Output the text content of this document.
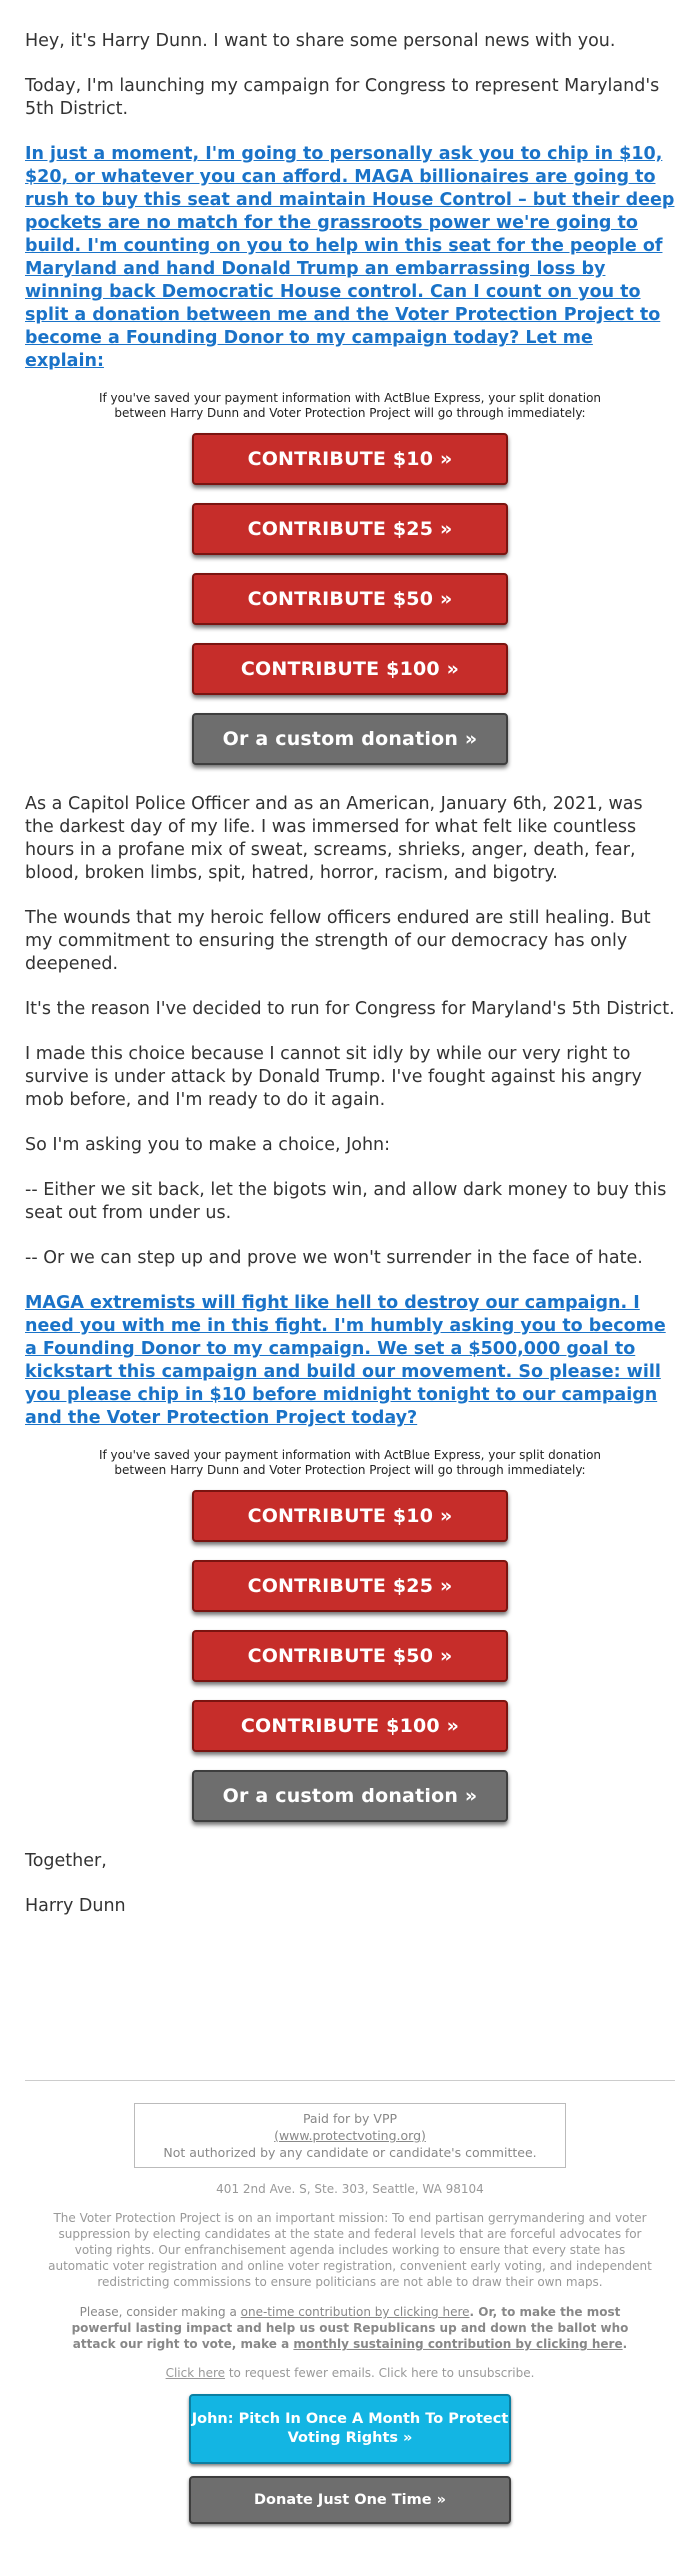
Hey, it's Harry Dunn. I want to share some personal news with you.

Today, I'm launching my campaign for Congress to represent Maryland's 5th District.

In just a moment, I'm going to personally ask you to chip in $10, $20, or whatever you can afford. MAGA billionaires are going to rush to buy this seat and maintain House Control – but their deep pockets are no match for the grassroots power we're going to build. I'm counting on you to help win this seat for the people of Maryland and hand Donald Trump an embarrassing loss by winning back Democratic House control. Can I count on you to split a donation between me and the Voter Protection Project to become a Founding Donor to my campaign today? Let me explain:

If you've saved your payment information with ActBlue Express, your split donation between Harry Dunn and Voter Protection Project will go through immediately:
CONTRIBUTE $10 »
CONTRIBUTE $25 »
CONTRIBUTE $50 »
CONTRIBUTE $100 »
Or a custom donation »

As a Capitol Police Officer and as an American, January 6th, 2021, was the darkest day of my life. I was immersed for what felt like countless hours in a profane mix of sweat, screams, shrieks, anger, death, fear, blood, broken limbs, spit, hatred, horror, racism, and bigotry.

The wounds that my heroic fellow officers endured are still healing. But my commitment to ensuring the strength of our democracy has only deepened.

It's the reason I've decided to run for Congress for Maryland's 5th District.

I made this choice because I cannot sit idly by while our very right to survive is under attack by Donald Trump. I've fought against his angry mob before, and I'm ready to do it again.

So I'm asking you to make a choice, John:

-- Either we sit back, let the bigots win, and allow dark money to buy this seat out from under us.

-- Or we can step up and prove we won't surrender in the face of hate.

MAGA extremists will fight like hell to destroy our campaign. I need you with me in this fight. I'm humbly asking you to become a Founding Donor to my campaign. We set a $500,000 goal to kickstart this campaign and build our movement. So please: will you please chip in $10 before midnight tonight to our campaign and the Voter Protection Project today?

If you've saved your payment information with ActBlue Express, your split donation between Harry Dunn and Voter Protection Project will go through immediately:
CONTRIBUTE $10 »
CONTRIBUTE $25 »
CONTRIBUTE $50 »
CONTRIBUTE $100 »
Or a custom donation »

Together,

Harry Dunn

Paid for by VPP
(www.protectvoting.org)
Not authorized by any candidate or candidate's committee.
401 2nd Ave. S, Ste. 303, Seattle, WA 98104
The Voter Protection Project is on an important mission: To end partisan gerrymandering and voter suppression by electing candidates at the state and federal levels that are forceful advocates for voting rights. Our enfranchisement agenda includes working to ensure that every state has automatic voter registration and online voter registration, convenient early voting, and independent redistricting commissions to ensure politicians are not able to draw their own maps.
Please, consider making a one-time contribution by clicking here. Or, to make the most powerful lasting impact and help us oust Republicans up and down the ballot who attack our right to vote, make a monthly sustaining contribution by clicking here.
Click here to request fewer emails. Click here to unsubscribe.
John: Pitch In Once A Month To Protect Voting Rights »
Donate Just One Time »
